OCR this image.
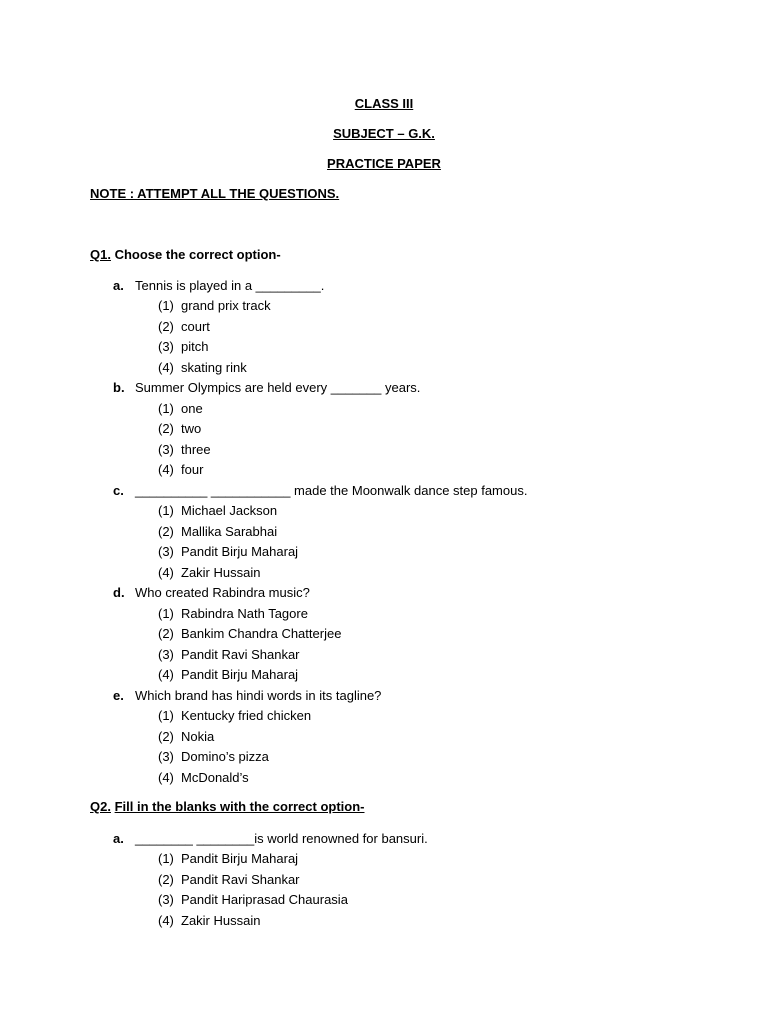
CLASS III
SUBJECT – G.K.
PRACTICE PAPER
NOTE : ATTEMPT ALL THE QUESTIONS.
Q1. Choose the correct option-
a. Tennis is played in a _________.
(1) grand prix track
(2) court
(3) pitch
(4) skating rink
b. Summer Olympics are held every _______ years.
(1) one
(2) two
(3) three
(4) four
c. __________ ___________ made the Moonwalk dance step famous.
(1) Michael Jackson
(2) Mallika Sarabhai
(3) Pandit Birju Maharaj
(4) Zakir Hussain
d. Who created Rabindra music?
(1) Rabindra Nath Tagore
(2) Bankim Chandra Chatterjee
(3) Pandit Ravi Shankar
(4) Pandit Birju Maharaj
e. Which brand has hindi words in its tagline?
(1) Kentucky fried chicken
(2) Nokia
(3) Domino’s pizza
(4) McDonald’s
Q2. Fill in the blanks with the correct option-
a. ________ ________is world renowned for bansuri.
(1) Pandit Birju Maharaj
(2) Pandit Ravi Shankar
(3) Pandit Hariprasad Chaurasia
(4) Zakir Hussain
